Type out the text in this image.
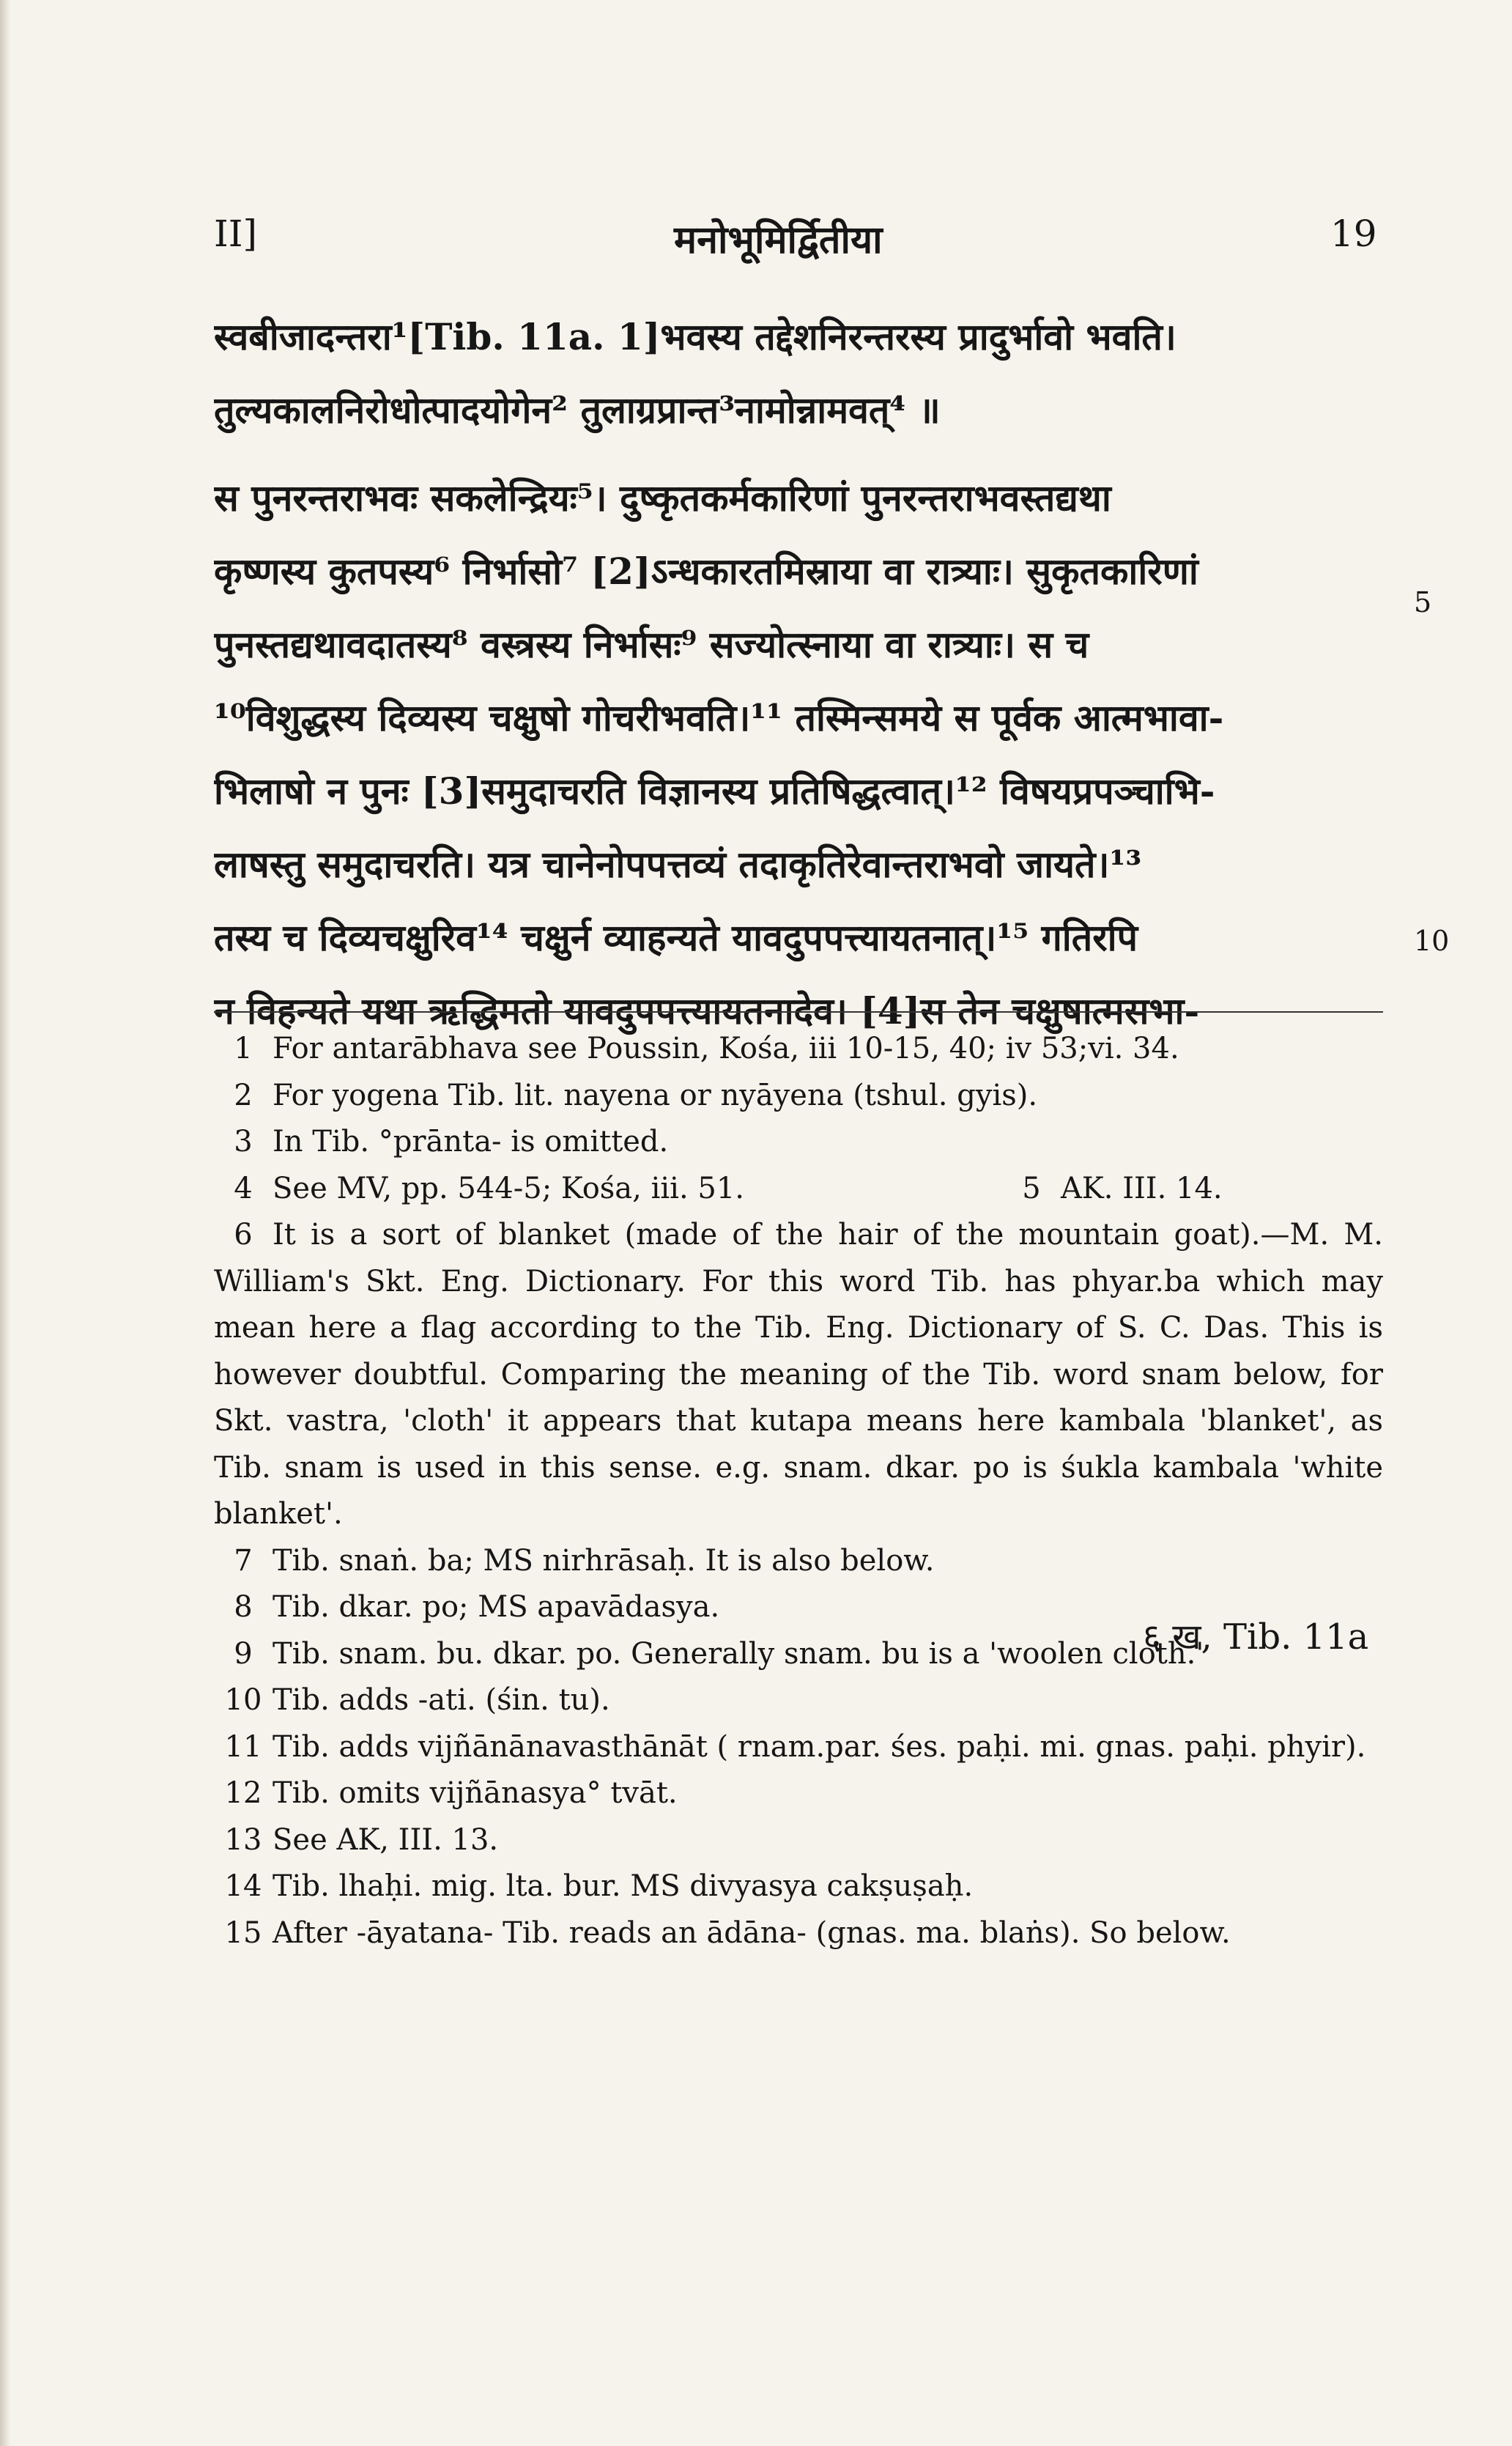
II]	मनोभूमिर्द्वितीया	19
स्वबीजादन्तरा¹[Tib. 11a. 1]भवस्य तद्देशनिरन्तरस्य प्रादुर्भावो भवति।
तुल्यकालनिरोधोत्पादयोगेन² तुलाग्रप्रान्त³नामोन्नामवत्⁴ ॥
स पुनरन्तराभवः सकलेन्द्रियः⁵। दुष्कृतकर्मकारिणां पुनरन्तराभवस्तद्यथा
कृष्णस्य कुतपस्य⁶ निर्भासो⁷ [2]ऽन्धकारतमिस्राया वा रात्र्याः। सुकृतकारिणां
पुनस्तद्यथावदातस्य⁸ वस्त्रस्य निर्भासः⁹ सज्योत्स्नाया वा रात्र्याः। स च
¹⁰विशुद्धस्य दिव्यस्य चक्षुषो गोचरीभवति।¹¹ तस्मिन्समये स पूर्वक आत्मभावा-
भिलाषो न पुनः [3]समुदाचरति विज्ञानस्य प्रतिषिद्धत्वात्।¹² विषयप्रपञ्चाभि-
लाषस्तु समुदाचरति। यत्र चानेनोपपत्तव्यं तदाकृतिरेवान्तराभवो जायते।¹³
तस्य च दिव्यचक्षुरिव¹⁴ चक्षुर्न व्याहन्यते यावदुपपत्त्यायतनात्।¹⁵ गतिरपि
न विहन्यते यथा ऋद्धिमतो यावदुपपत्त्यायतनादेव। [4]स तेन चक्षुषात्मसभा-
5
10
1 For antarābhava see Poussin, Kośa, iii 10-15, 40; iv 53;vi. 34.
2 For yogena Tib. lit. nayena or nyāyena (tshul. gyis).
3 In Tib. °prānta- is omitted.
4 See MV, pp. 544-5; Kośa, iii. 51.	5 AK. III. 14.
6 It is a sort of blanket (made of the hair of the mountain goat).—M. M. William's Skt. Eng. Dictionary. For this word Tib. has phyar.ba which may mean here a flag according to the Tib. Eng. Dictionary of S. C. Das. This is however doubtful. Comparing the meaning of the Tib. word snam below, for Skt. vastra, 'cloth' it appears that kutapa means here kambala 'blanket', as Tib. snam is used in this sense. e.g. snam. dkar. po is śukla kambala 'white blanket'.
7 Tib. snaṅ. ba; MS nirhrāsaḥ. It is also below.
8 Tib. dkar. po; MS apavādasya.
9 Tib. snam. bu. dkar. po. Generally snam. bu is a 'woolen cloth.'
10 Tib. adds -ati. (śin. tu).
11 Tib. adds vijñānānavasthānāt ( rnam.par. śes. paḥi. mi. gnas. paḥi. phyir).
12 Tib. omits vijñānasya° tvāt.
13 See AK, III. 13.
14 Tib. lhaḥi. mig. lta. bur. MS divyasya cakṣuṣaḥ.
15 After -āyatana- Tib. reads an ādāna- (gnas. ma. blaṅs). So below.
६ ख, Tib. 11a
